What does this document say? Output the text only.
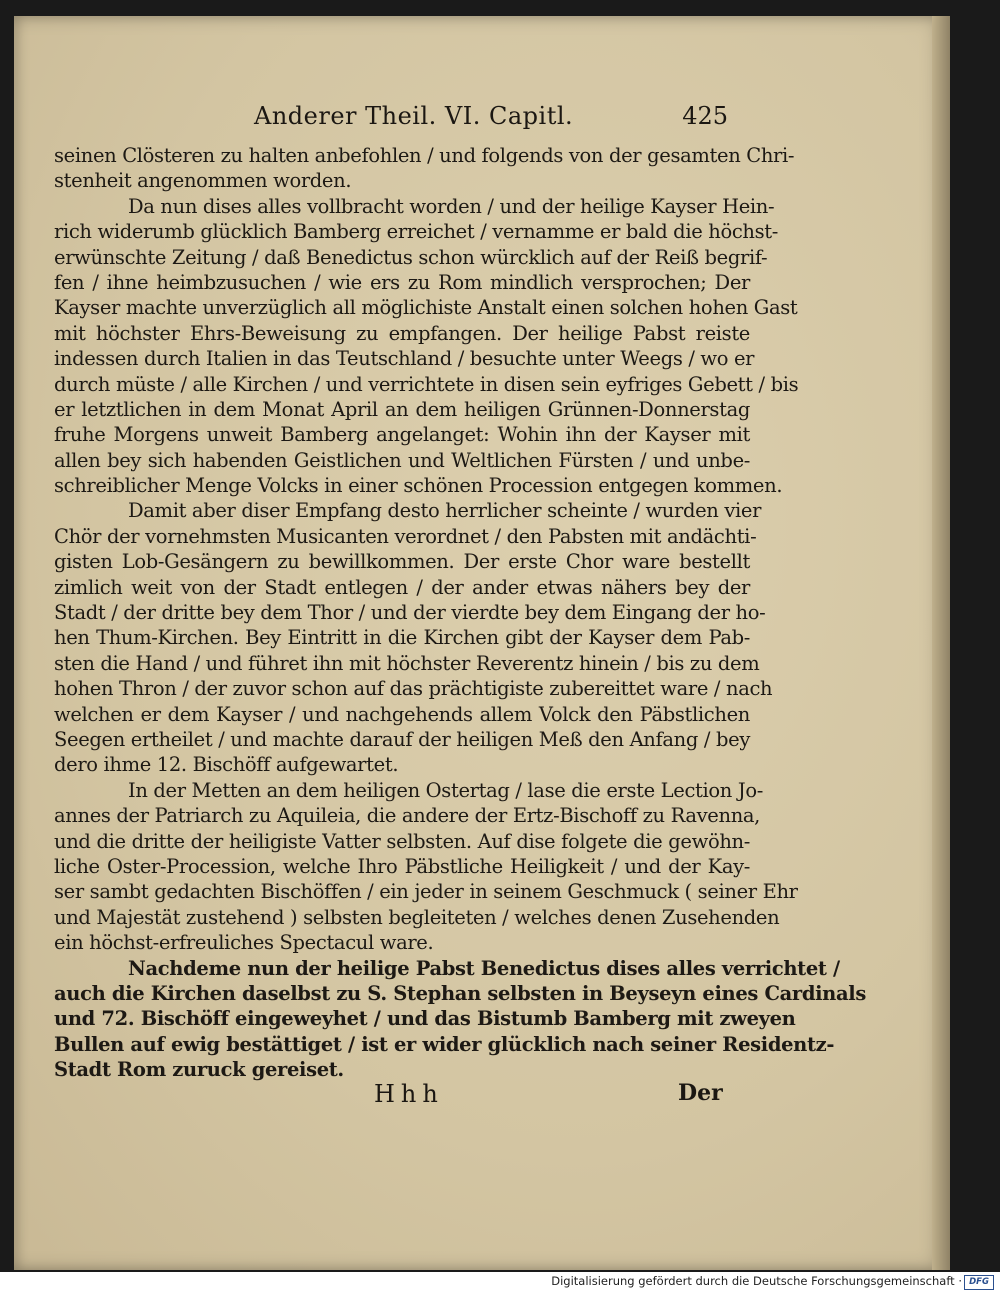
Anderer Theil. VI. Capitl.	425
seinen Clösteren zu halten anbefohlen / und folgends von der gesamten Chri-
stenheit angenommen worden.
Da nun dises alles vollbracht worden / und der heilige Kayser Hein-
rich widerumb glücklich Bamberg erreichet / vernamme er bald die höchst-
erwünschte Zeitung / daß Benedictus schon würcklich auf der Reiß begrif-
fen / ihne heimbzusuchen / wie ers zu Rom mindlich versprochen; Der
Kayser machte unverzüglich all möglichiste Anstalt einen solchen hohen Gast
mit höchster Ehrs-Beweisung zu empfangen. Der heilige Pabst reiste
indessen durch Italien in das Teutschland / besuchte unter Weegs / wo er
durch müste / alle Kirchen / und verrichtete in disen sein eyfriges Gebett / bis
er letztlichen in dem Monat April an dem heiligen Grünnen-Donnerstag
fruhe Morgens unweit Bamberg angelanget: Wohin ihn der Kayser mit
allen bey sich habenden Geistlichen und Weltlichen Fürsten / und unbe-
schreiblicher Menge Volcks in einer schönen Procession entgegen kommen.
Damit aber diser Empfang desto herrlicher scheinte / wurden vier
Chör der vornehmsten Musicanten verordnet / den Pabsten mit andächti-
gisten Lob-Gesängern zu bewillkommen. Der erste Chor ware bestellt
zimlich weit von der Stadt entlegen / der ander etwas nähers bey der
Stadt / der dritte bey dem Thor / und der vierdte bey dem Eingang der ho-
hen Thum-Kirchen. Bey Eintritt in die Kirchen gibt der Kayser dem Pab-
sten die Hand / und führet ihn mit höchster Reverentz hinein / bis zu dem
hohen Thron / der zuvor schon auf das prächtigiste zubereittet ware / nach
welchen er dem Kayser / und nachgehends allem Volck den Päbstlichen
Seegen ertheilet / und machte darauf der heiligen Meß den Anfang / bey
dero ihme 12. Bischöff aufgewartet.
In der Metten an dem heiligen Ostertag / lase die erste Lection Jo-
annes der Patriarch zu Aquileia, die andere der Ertz-Bischoff zu Ravenna,
und die dritte der heiligiste Vatter selbsten. Auf dise folgete die gewöhn-
liche Oster-Procession, welche Ihro Päbstliche Heiligkeit / und der Kay-
ser sambt gedachten Bischöffen / ein jeder in seinem Geschmuck ( seiner Ehr
und Majestät zustehend ) selbsten begleiteten / welches denen Zusehenden
ein höchst-erfreuliches Spectacul ware.
Nachdeme nun der heilige Pabst Benedictus dises alles verrichtet /
auch die Kirchen daselbst zu S. Stephan selbsten in Beyseyn eines Cardinals
und 72. Bischöff eingeweyhet / und das Bistumb Bamberg mit zweyen
Bullen auf ewig bestättiget / ist er wider glücklich nach seiner Residentz-
Stadt Rom zuruck gereiset.
Hhh	Der
Digitalisierung gefördert durch die Deutsche Forschungsgemeinschaft · DFG
